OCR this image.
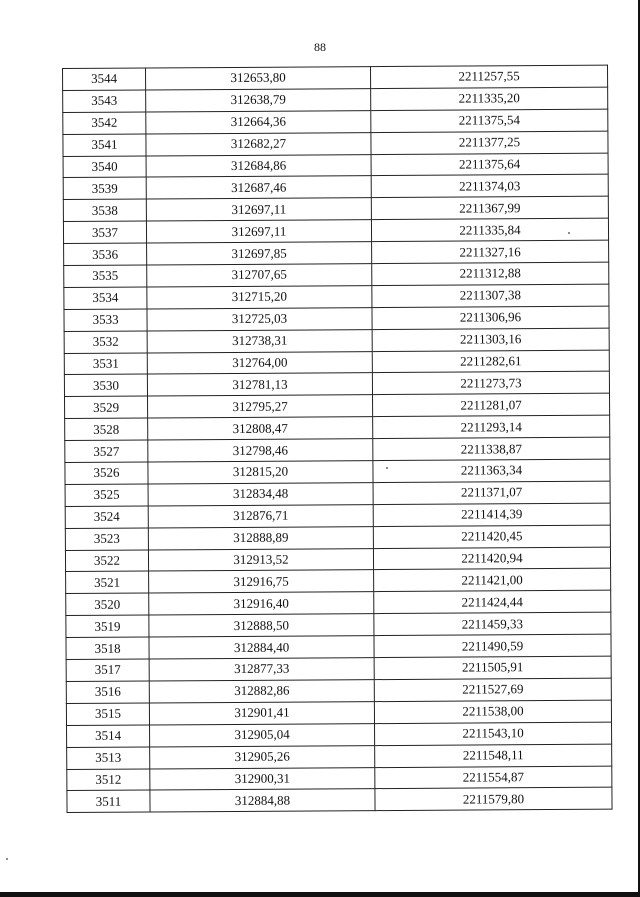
88
3544	312653,80	2211257,55
3543	312638,79	2211335,20
3542	312664,36	2211375,54
3541	312682,27	2211377,25
3540	312684,86	2211375,64
3539	312687,46	2211374,03
3538	312697,11	2211367,99
3537	312697,11	2211335,84
3536	312697,85	2211327,16
3535	312707,65	2211312,88
3534	312715,20	2211307,38
3533	312725,03	2211306,96
3532	312738,31	2211303,16
3531	312764,00	2211282,61
3530	312781,13	2211273,73
3529	312795,27	2211281,07
3528	312808,47	2211293,14
3527	312798,46	2211338,87
3526	312815,20	2211363,34
3525	312834,48	2211371,07
3524	312876,71	2211414,39
3523	312888,89	2211420,45
3522	312913,52	2211420,94
3521	312916,75	2211421,00
3520	312916,40	2211424,44
3519	312888,50	2211459,33
3518	312884,40	2211490,59
3517	312877,33	2211505,91
3516	312882,86	2211527,69
3515	312901,41	2211538,00
3514	312905,04	2211543,10
3513	312905,26	2211548,11
3512	312900,31	2211554,87
3511	312884,88	2211579,80
